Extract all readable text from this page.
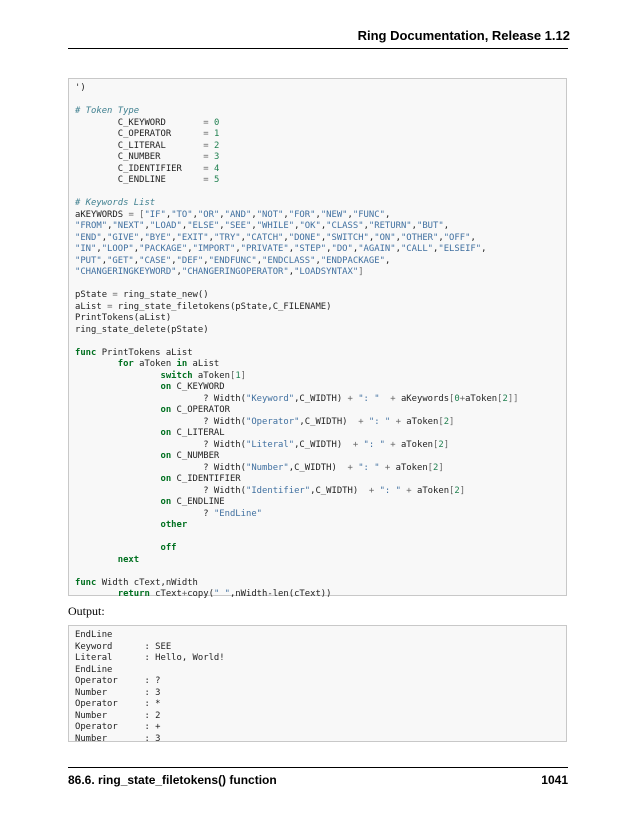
Ring Documentation, Release 1.12
')

# Token Type
C_KEYWORD       = 0
C_OPERATOR      = 1
C_LITERAL       = 2
C_NUMBER        = 3
C_IDENTIFIER    = 4
C_ENDLINE       = 5

# Keywords List
aKEYWORDS = ["IF","TO","OR","AND","NOT","FOR","NEW","FUNC",
"FROM","NEXT","LOAD","ELSE","SEE","WHILE","OK","CLASS","RETURN","BUT",
"END","GIVE","BYE","EXIT","TRY","CATCH","DONE","SWITCH","ON","OTHER","OFF",
"IN","LOOP","PACKAGE","IMPORT","PRIVATE","STEP","DO","AGAIN","CALL","ELSEIF",
"PUT","GET","CASE","DEF","ENDFUNC","ENDCLASS","ENDPACKAGE",
"CHANGERINGKEYWORD","CHANGERINGOPERATOR","LOADSYNTAX"]

pState = ring_state_new()
aList = ring_state_filetokens(pState,C_FILENAME)
PrintTokens(aList)
ring_state_delete(pState)

func PrintTokens aList
for aToken in aList
switch aToken[1]
on C_KEYWORD
? Width("Keyword",C_WIDTH) + ": " + aKeywords[0+aToken[2]]
on C_OPERATOR
? Width("Operator",C_WIDTH)  + ": " + aToken[2]
on C_LITERAL
? Width("Literal",C_WIDTH)  + ": " + aToken[2]
on C_NUMBER
? Width("Number",C_WIDTH)  + ": " + aToken[2]
on C_IDENTIFIER
? Width("Identifier",C_WIDTH)  + ": " + aToken[2]
on C_ENDLINE
? "EndLine"
other

off
next

func Width cText,nWidth
return cText+copy(" ",nWidth-len(cText))

Output:
EndLine
Keyword      : SEE
Literal      : Hello, World!
EndLine
Operator     : ?
Number       : 3
Operator     : *
Number       : 2
Operator     : +
Number       : 3

86.6. ring_state_filetokens() function	1041
